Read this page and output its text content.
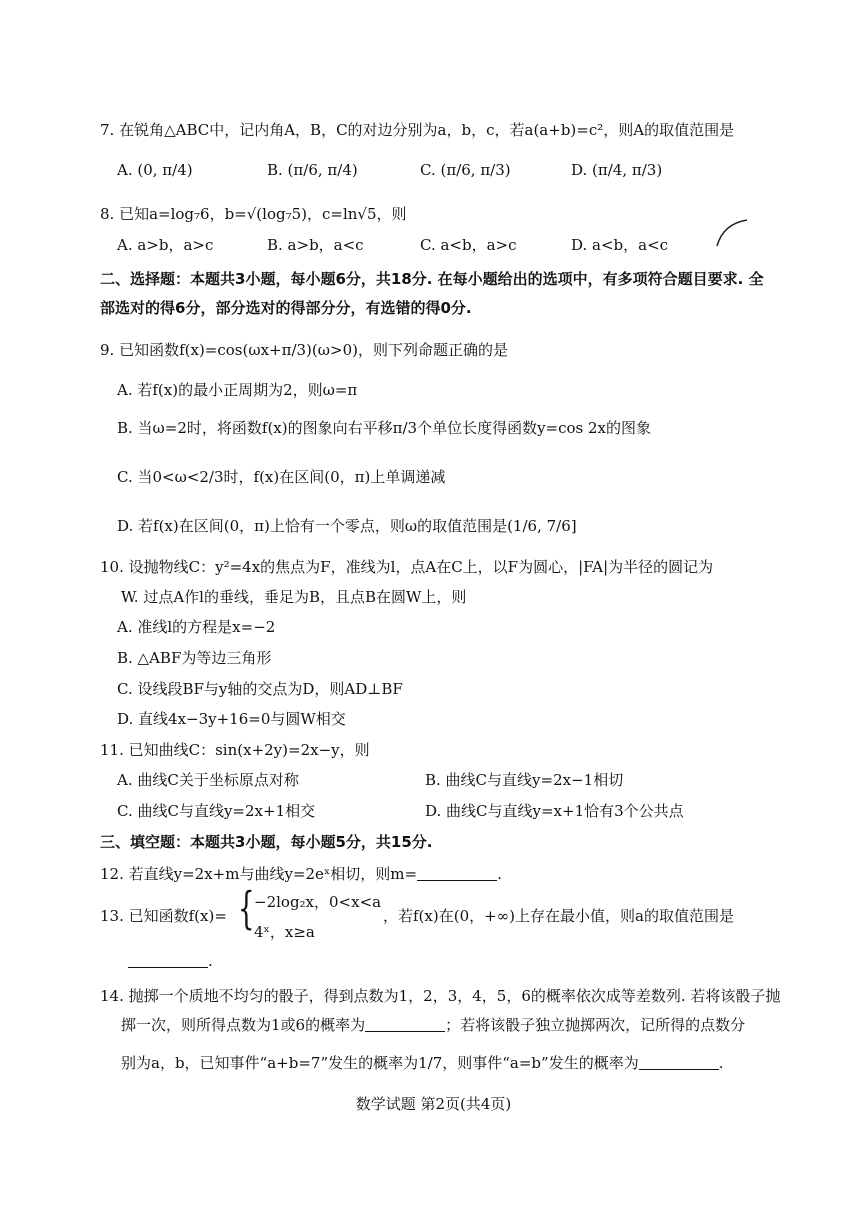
7. 在锐角△ABC中，记内角A，B，C的对边分别为a，b，c，若a(a+b)=c²，则A的取值范围是
A. (0, π/4)	B. (π/6, π/4)	C. (π/6, π/3)	D. (π/4, π/3)
8. 已知a=log₇6，b=√(log₇5)，c=ln√5，则
A. a>b，a>c	B. a>b，a<c	C. a<b，a>c	D. a<b，a<c
二、选择题：本题共3小题，每小题6分，共18分. 在每小题给出的选项中，有多项符合题目要求. 全
部选对的得6分，部分选对的得部分分，有选错的得0分.
9. 已知函数f(x)=cos(ωx+π/3)(ω>0)，则下列命题正确的是
A. 若f(x)的最小正周期为2，则ω=π
B. 当ω=2时，将函数f(x)的图象向右平移π/3个单位长度得函数y=cos 2x的图象
C. 当0<ω<2/3时，f(x)在区间(0，π)上单调递减
D. 若f(x)在区间(0，π)上恰有一个零点，则ω的取值范围是(1/6, 7/6]
10. 设抛物线C：y²=4x的焦点为F，准线为l，点A在C上，以F为圆心，|FA|为半径的圆记为
W. 过点A作l的垂线，垂足为B，且点B在圆W上，则
A. 准线l的方程是x=−2
B. △ABF为等边三角形
C. 设线段BF与y轴的交点为D，则AD⊥BF
D. 直线4x−3y+16=0与圆W相交
11. 已知曲线C：sin(x+2y)=2x−y，则
A. 曲线C关于坐标原点对称	B. 曲线C与直线y=2x−1相切
C. 曲线C与直线y=2x+1相交	D. 曲线C与直线y=x+1恰有3个公共点
三、填空题：本题共3小题，每小题5分，共15分.
12. 若直线y=2x+m与曲线y=2eˣ相切，则m=	.
13. 已知函数f(x)= { −2log₂x，0<x<a
4ˣ，x≥a
，若f(x)在(0，+∞)上存在最小值，则a的取值范围是
.
14. 抛掷一个质地不均匀的骰子，得到点数为1，2，3，4，5，6的概率依次成等差数列. 若将该骰子抛
掷一次，则所得点数为1或6的概率为	；若将该骰子独立抛掷两次，记所得的点数分
别为a，b，已知事件“a+b=7”发生的概率为1/7，则事件“a=b”发生的概率为	.
数学试题 第2页(共4页)
